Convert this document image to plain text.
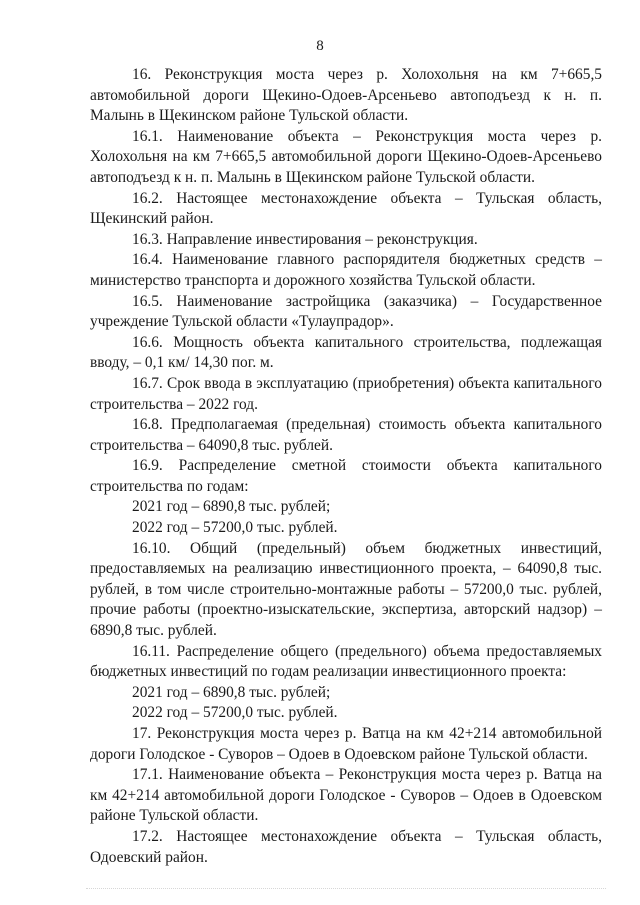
8

16. Реконструкция моста через р. Холохольня на км 7+665,5 автомобильной дороги Щекино-Одоев-Арсеньево автоподъезд к н. п. Малынь в Щекинском районе Тульской области.

16.1. Наименование объекта – Реконструкция моста через р. Холохольня на км 7+665,5 автомобильной дороги Щекино-Одоев-Арсеньево автоподъезд к н. п. Малынь в Щекинском районе Тульской области.

16.2. Настоящее местонахождение объекта – Тульская область, Щекинский район.

16.3. Направление инвестирования – реконструкция.

16.4. Наименование главного распорядителя бюджетных средств – министерство транспорта и дорожного хозяйства Тульской области.

16.5. Наименование застройщика (заказчика) – Государственное учреждение Тульской области «Тулаупрадор».

16.6. Мощность объекта капитального строительства, подлежащая вводу, – 0,1 км/ 14,30 пог. м.

16.7. Срок ввода в эксплуатацию (приобретения) объекта капитального строительства – 2022 год.

16.8. Предполагаемая (предельная) стоимость объекта капитального строительства – 64090,8 тыс. рублей.

16.9. Распределение сметной стоимости объекта капитального строительства по годам:

2021 год – 6890,8 тыс. рублей;

2022 год – 57200,0 тыс. рублей.

16.10. Общий (предельный) объем бюджетных инвестиций, предоставляемых на реализацию инвестиционного проекта, – 64090,8 тыс. рублей, в том числе строительно-монтажные работы – 57200,0 тыс. рублей, прочие работы (проектно-изыскательские, экспертиза, авторский надзор) – 6890,8 тыс. рублей.

16.11. Распределение общего (предельного) объема предоставляемых бюджетных инвестиций по годам реализации инвестиционного проекта:

2021 год – 6890,8 тыс. рублей;

2022 год – 57200,0 тыс. рублей.

17. Реконструкция моста через р. Ватца на км 42+214 автомобильной дороги Голодское - Суворов – Одоев в Одоевском районе Тульской области.

17.1. Наименование объекта – Реконструкция моста через р. Ватца на км 42+214 автомобильной дороги Голодское - Суворов – Одоев в Одоевском районе Тульской области.

17.2. Настоящее местонахождение объекта – Тульская область, Одоевский район.
